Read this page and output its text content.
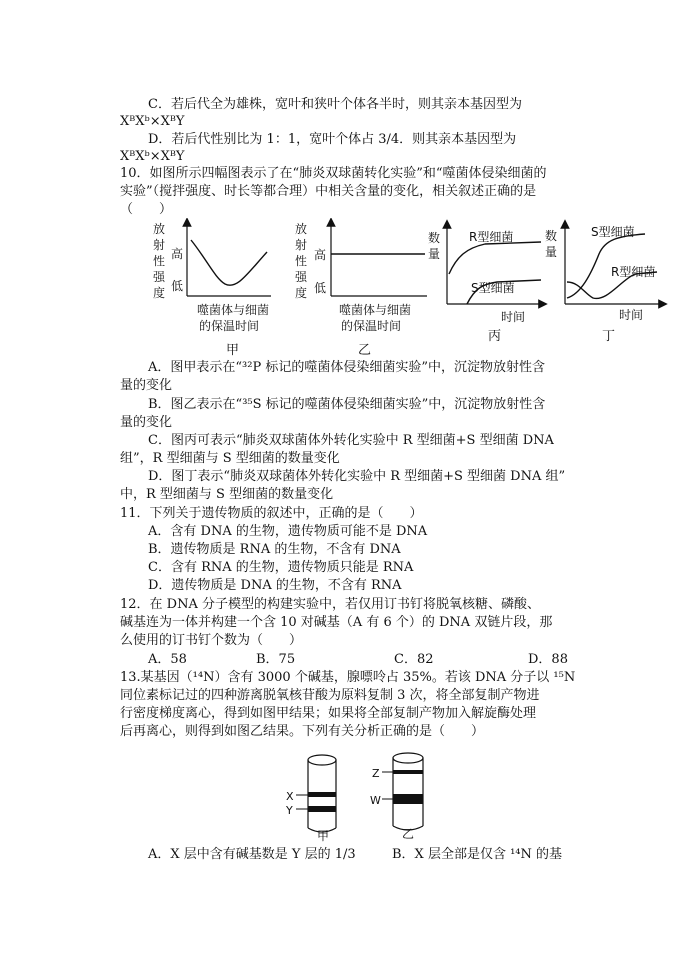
C．若后代全为雄株，宽叶和狭叶个体各半时，则其亲本基因型为
XᴮXᵇ×XᴮY
D．若后代性别比为 1：1，宽叶个体占 3/4．则其亲本基因型为
XᴮXᵇ×XᴮY
10．如图所示四幅图表示了在“肺炎双球菌转化实验”和“噬菌体侵染细菌的
实验”（搅拌强度、时长等都合理）中相关含量的变化，相关叙述正确的是
（　　）
放
射
性
强
度
高
低
噬菌体与细菌
的保温时间
放
射
性
强
度
高
低
噬菌体与细菌
的保温时间
数
量
R型细菌
S型细菌
时间
数
量
S型细菌
R型细菌
时间
甲	乙
丙	丁
A．图甲表示在“³²P 标记的噬菌体侵染细菌实验”中，沉淀物放射性含
量的变化
B．图乙表示在“³⁵S 标记的噬菌体侵染细菌实验”中，沉淀物放射性含
量的变化
C．图丙可表示“肺炎双球菌体外转化实验中 R 型细菌+S 型细菌 DNA
组”，R 型细菌与 S 型细菌的数量变化
D．图丁表示“肺炎双球菌体外转化实验中 R 型细菌+S 型细菌 DNA 组”
中，R 型细菌与 S 型细菌的数量变化
11．下列关于遗传物质的叙述中，正确的是（　　）
A．含有 DNA 的生物，遗传物质可能不是 DNA
B．遗传物质是 RNA 的生物，不含有 DNA
C．含有 RNA 的生物，遗传物质只能是 RNA
D．遗传物质是 DNA 的生物，不含有 RNA
12．在 DNA 分子模型的构建实验中，若仅用订书钉将脱氧核糖、磷酸、
碱基连为一体并构建一个含 10 对碱基（A 有 6 个）的 DNA 双链片段，那
么使用的订书钉个数为（　　）
A．58	B．75	C．82	D．88
13.某基因（¹⁴N）含有 3000 个碱基，腺嘌呤占 35%。若该 DNA 分子以 ¹⁵N
同位素标记过的四种游离脱氧核苷酸为原料复制 3 次，将全部复制产物进
行密度梯度离心，得到如图甲结果；如果将全部复制产物加入解旋酶处理
后再离心，则得到如图乙结果。下列有关分析正确的是（　　）
X
Y
甲
Z
W
乙
A．X 层中含有碱基数是 Y 层的 1/3	B．X 层全部是仅含 ¹⁴N 的基
